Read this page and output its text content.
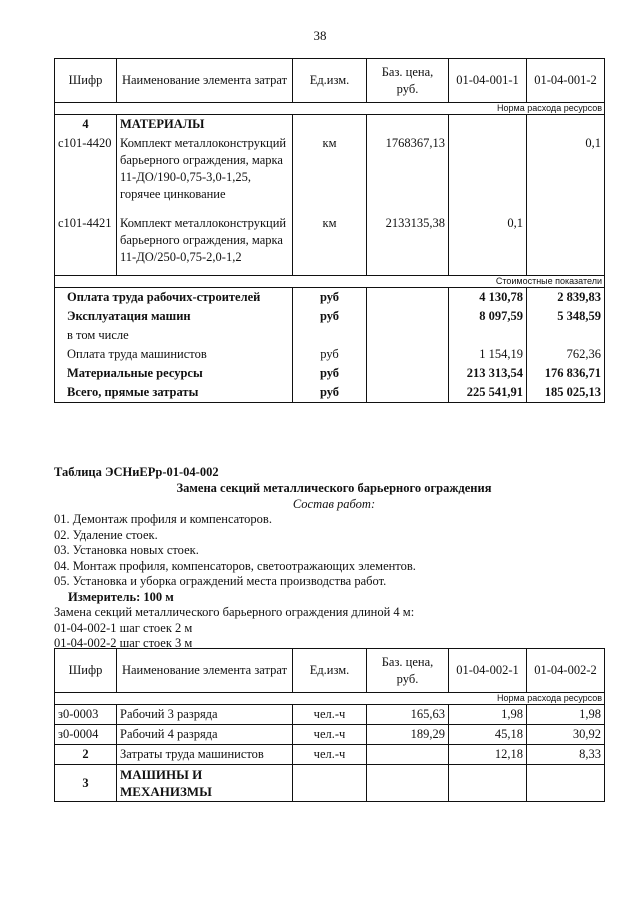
38
Шифр	Наименование элемента затрат	Ед.изм.	Баз. цена, руб.	01-04-001-1	01-04-001-2
Норма расхода ресурсов					
4	МАТЕРИАЛЫ				
с101-4420	Комплект металлоконструкций барьерного ограждения, марка 11-ДО/190-0,75-3,0-1,25, горячее цинкование	км	1768367,13		0,1

с101-4421	Комплект металлоконструкций барьерного ограждения, марка 11-ДО/250-0,75-2,0-1,2	км	2133135,38	0,1	

Стоимостные показатели					
Оплата труда рабочих-строителей		руб		4 130,78	2 839,83
Эксплуатация машин		руб		8 097,59	5 348,59
в том числе					
Оплата труда машинистов		руб		1 154,19	762,36
Материальные ресурсы		руб		213 313,54	176 836,71
Всего, прямые затраты		руб		225 541,91	185 025,13
Таблица ЭСНиЕРр-01-04-002
Замена секций металлического барьерного ограждения
Состав работ:
01. Демонтаж профиля и компенсаторов.
02. Удаление стоек.
03. Установка новых стоек.
04. Монтаж профиля, компенсаторов, светоотражающих элементов.
05. Установка и уборка ограждений места производства работ.
Измеритель: 100 м
Замена секций металлического барьерного ограждения длиной 4 м:
01-04-002-1 шаг стоек 2 м
01-04-002-2 шаг стоек 3 м
Шифр	Наименование элемента затрат	Ед.изм.	Баз. цена, руб.	01-04-002-1	01-04-002-2
Норма расхода ресурсов					
з0-0003	Рабочий 3 разряда	чел.-ч	165,63	1,98	1,98
з0-0004	Рабочий 4 разряда	чел.-ч	189,29	45,18	30,92
2	Затраты труда машинистов	чел.-ч		12,18	8,33
3	МАШИНЫ И МЕХАНИЗМЫ				
